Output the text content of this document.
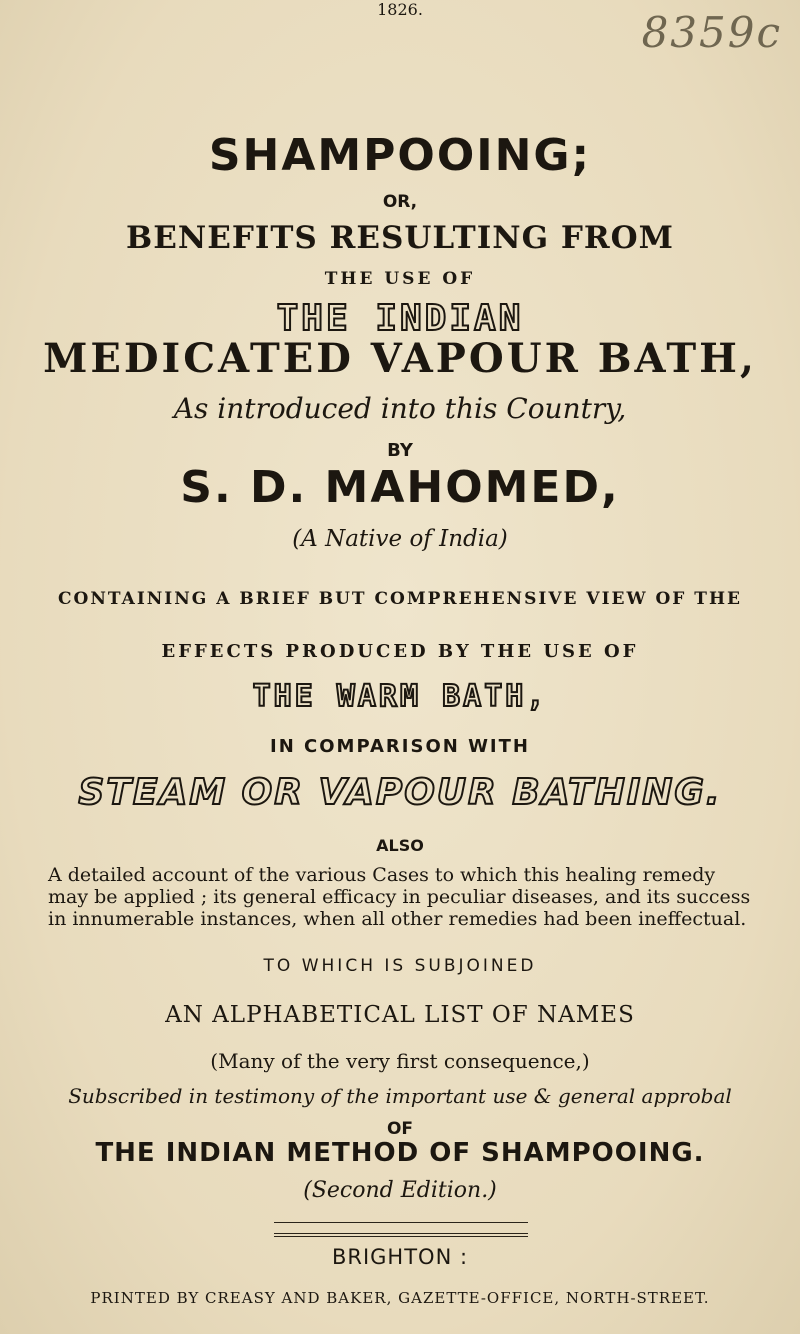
8359c
SHAMPOOING;
OR,
BENEFITS RESULTING FROM
THE USE OF
THE INDIAN
MEDICATED VAPOUR BATH,
As introduced into this Country,
BY
S. D. MAHOMED,
(A Native of India)
CONTAINING A BRIEF BUT COMPREHENSIVE VIEW OF THE
EFFECTS PRODUCED BY THE USE OF
THE WARM BATH,
IN COMPARISON WITH
STEAM OR VAPOUR BATHING.
ALSO
A detailed account of the various Cases to which this healing remedy
may be applied ; its general efficacy in peculiar diseases, and its success
in innumerable instances, when all other remedies had been ineffectual.
TO WHICH IS SUBJOINED
AN ALPHABETICAL LIST OF NAMES
(Many of the very first consequence,)
Subscribed in testimony of the important use & general approbal
OF
THE INDIAN METHOD OF SHAMPOOING.
(Second Edition.)
BRIGHTON :
PRINTED BY CREASY AND BAKER, GAZETTE-OFFICE, NORTH-STREET.
1826.
